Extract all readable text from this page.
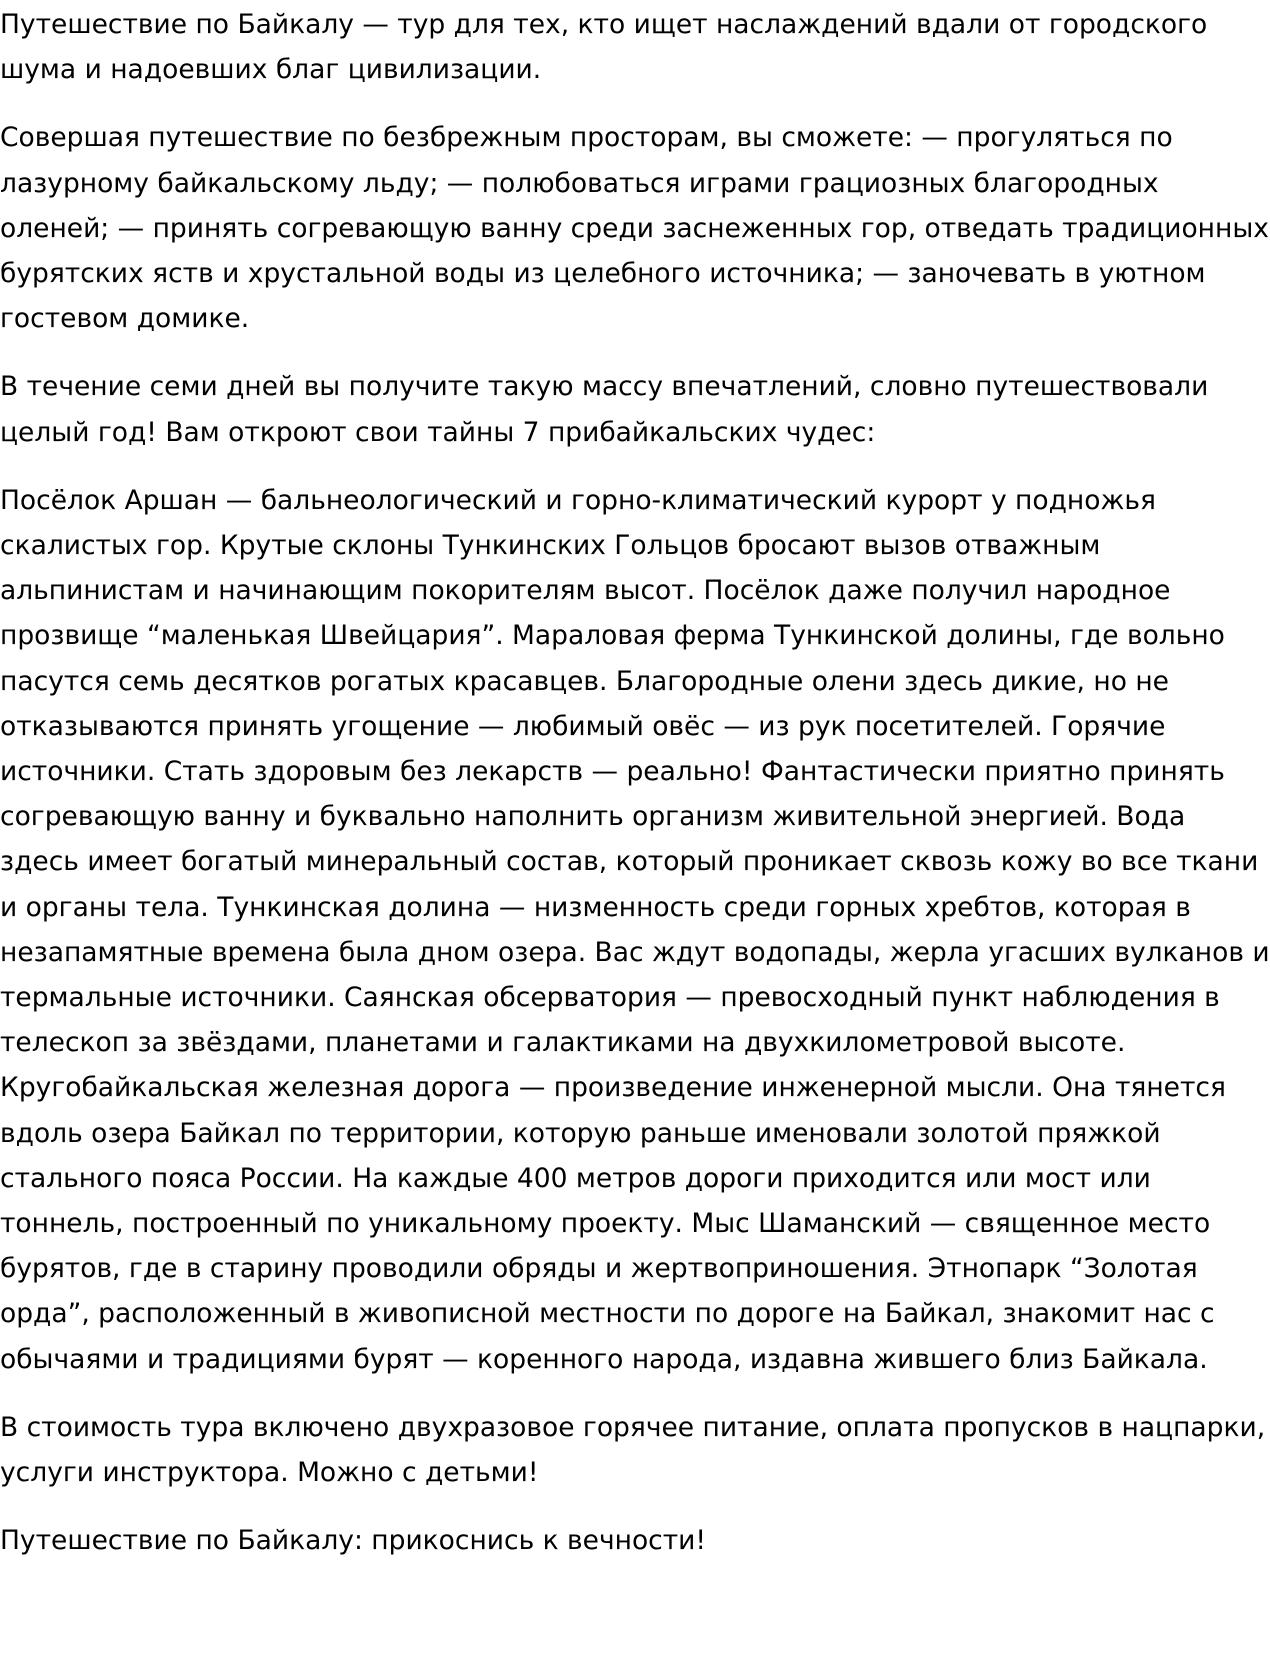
Путешествие по Байкалу — тур для тех, кто ищет наслаждений вдали от городского шума и надоевших благ цивилизации.

Совершая путешествие по безбрежным просторам, вы сможете: — прогуляться по лазурному байкальскому льду; — полюбоваться играми грациозных благородных оленей; — принять согревающую ванну среди заснеженных гор, отведать традиционных бурятских яств и хрустальной воды из целебного источника; — заночевать в уютном гостевом домике.

В течение семи дней вы получите такую массу впечатлений, словно путешествовали целый год! Вам откроют свои тайны 7 прибайкальских чудес:

Посёлок Аршан — бальнеологический и горно-климатический курорт у подножья скалистых гор. Крутые склоны Тункинских Гольцов бросают вызов отважным альпинистам и начинающим покорителям высот. Посёлок даже получил народное прозвище “маленькая Швейцария”. Мараловая ферма Тункинской долины, где вольно пасутся семь десятков рогатых красавцев. Благородные олени здесь дикие, но не отказываются принять угощение — любимый овёс — из рук посетителей. Горячие источники. Стать здоровым без лекарств — реально! Фантастически приятно принять согревающую ванну и буквально наполнить организм живительной энергией. Вода здесь имеет богатый минеральный состав, который проникает сквозь кожу во все ткани и органы тела. Тункинская долина — низменность среди горных хребтов, которая в незапамятные времена была дном озера. Вас ждут водопады, жерла угасших вулканов и термальные источники. Саянская обсерватория — превосходный пункт наблюдения в телескоп за звёздами, планетами и галактиками на двухкилометровой высоте. Кругобайкальская железная дорога — произведение инженерной мысли. Она тянется вдоль озера Байкал по территории, которую раньше именовали золотой пряжкой стального пояса России. На каждые 400 метров дороги приходится или мост или тоннель, построенный по уникальному проекту. Мыс Шаманский — священное место бурятов, где в старину проводили обряды и жертвоприношения. Этнопарк “Золотая орда”, расположенный в живописной местности по дороге на Байкал, знакомит нас с обычаями и традициями бурят — коренного народа, издавна жившего близ Байкала.

В стоимость тура включено двухразовое горячее питание, оплата пропусков в нацпарки, услуги инструктора. Можно с детьми!

Путешествие по Байкалу: прикоснись к вечности!
